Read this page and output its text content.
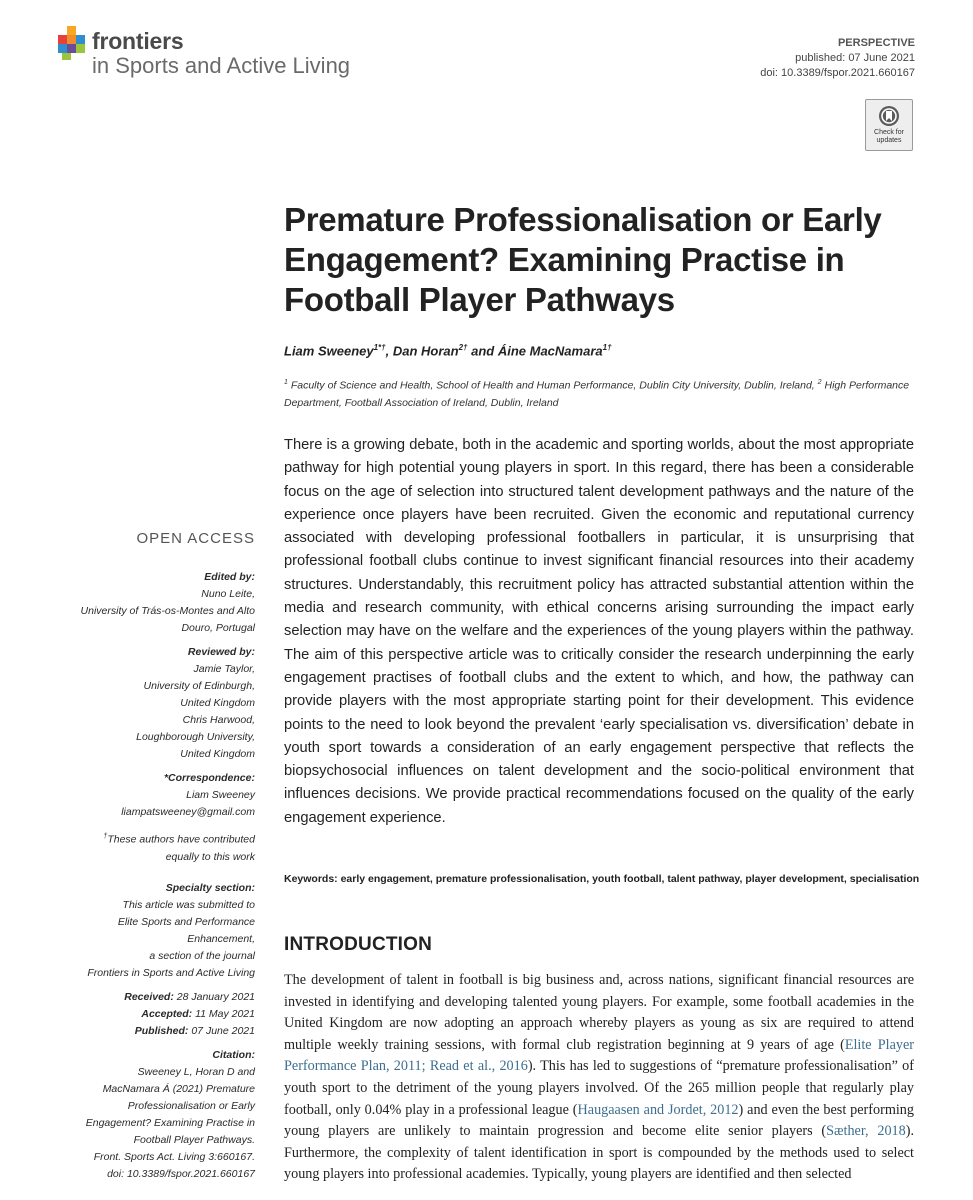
frontiers
in Sports and Active Living
PERSPECTIVE
published: 07 June 2021
doi: 10.3389/fspor.2021.660167
Check for updates
Premature Professionalisation or Early Engagement? Examining Practise in Football Player Pathways
Liam Sweeney$^{1*\dagger}$, Dan Horan$^{2\dagger}$ and Áine MacNamara$^{1\dagger}$
$^1$ Faculty of Science and Health, School of Health and Human Performance, Dublin City University, Dublin, Ireland, $^2$ High Performance Department, Football Association of Ireland, Dublin, Ireland
There is a growing debate, both in the academic and sporting worlds, about the most appropriate pathway for high potential young players in sport. In this regard, there has been a considerable focus on the age of selection into structured talent development pathways and the nature of the experience once players have been recruited. Given the economic and reputational currency associated with developing professional footballers in particular, it is unsurprising that professional football clubs continue to invest significant financial resources into their academy structures. Understandably, this recruitment policy has attracted substantial attention within the media and research community, with ethical concerns arising surrounding the impact early selection may have on the welfare and the experiences of the young players within the pathway. The aim of this perspective article was to critically consider the research underpinning the early engagement practises of football clubs and the extent to which, and how, the pathway can provide players with the most appropriate starting point for their development. This evidence points to the need to look beyond the prevalent ‘early specialisation vs. diversification’ debate in youth sport towards a consideration of an early engagement perspective that reflects the biopsychosocial influences on talent development and the socio-political environment that influences decisions. We provide practical recommendations focused on the quality of the early engagement experience.
Keywords: early engagement, premature professionalisation, youth football, talent pathway, player development, specialisation
INTRODUCTION
The development of talent in football is big business and, across nations, significant financial resources are invested in identifying and developing talented young players. For example, some football academies in the United Kingdom are now adopting an approach whereby players as young as six are required to attend multiple weekly training sessions, with formal club registration beginning at 9 years of age (Elite Player Performance Plan, 2011; Read et al., 2016). This has led to suggestions of “premature professionalisation” of youth sport to the detriment of the young players involved. Of the 265 million people that regularly play football, only 0.04% play in a professional league (Haugaasen and Jordet, 2012) and even the best performing young players are unlikely to maintain progression and become elite senior players (Sæther, 2018). Furthermore, the complexity of talent identification in sport is compounded by the methods used to select young players into professional academies. Typically, young players are identified and then selected
OPEN ACCESS
Edited by:
Nuno Leite,
University of Trás-os-Montes and Alto
Douro, Portugal
Reviewed by:
Jamie Taylor,
University of Edinburgh,
United Kingdom
Chris Harwood,
Loughborough University,
United Kingdom
*Correspondence:
Liam Sweeney
liampatsweeney@gmail.com
†These authors have contributed
equally to this work
Specialty section:
This article was submitted to
Elite Sports and Performance
Enhancement,
a section of the journal
Frontiers in Sports and Active Living
Received: 28 January 2021
Accepted: 11 May 2021
Published: 07 June 2021
Citation:
Sweeney L, Horan D and
MacNamara Á (2021) Premature
Professionalisation or Early
Engagement? Examining Practise in
Football Player Pathways.
Front. Sports Act. Living 3:660167.
doi: 10.3389/fspor.2021.660167
